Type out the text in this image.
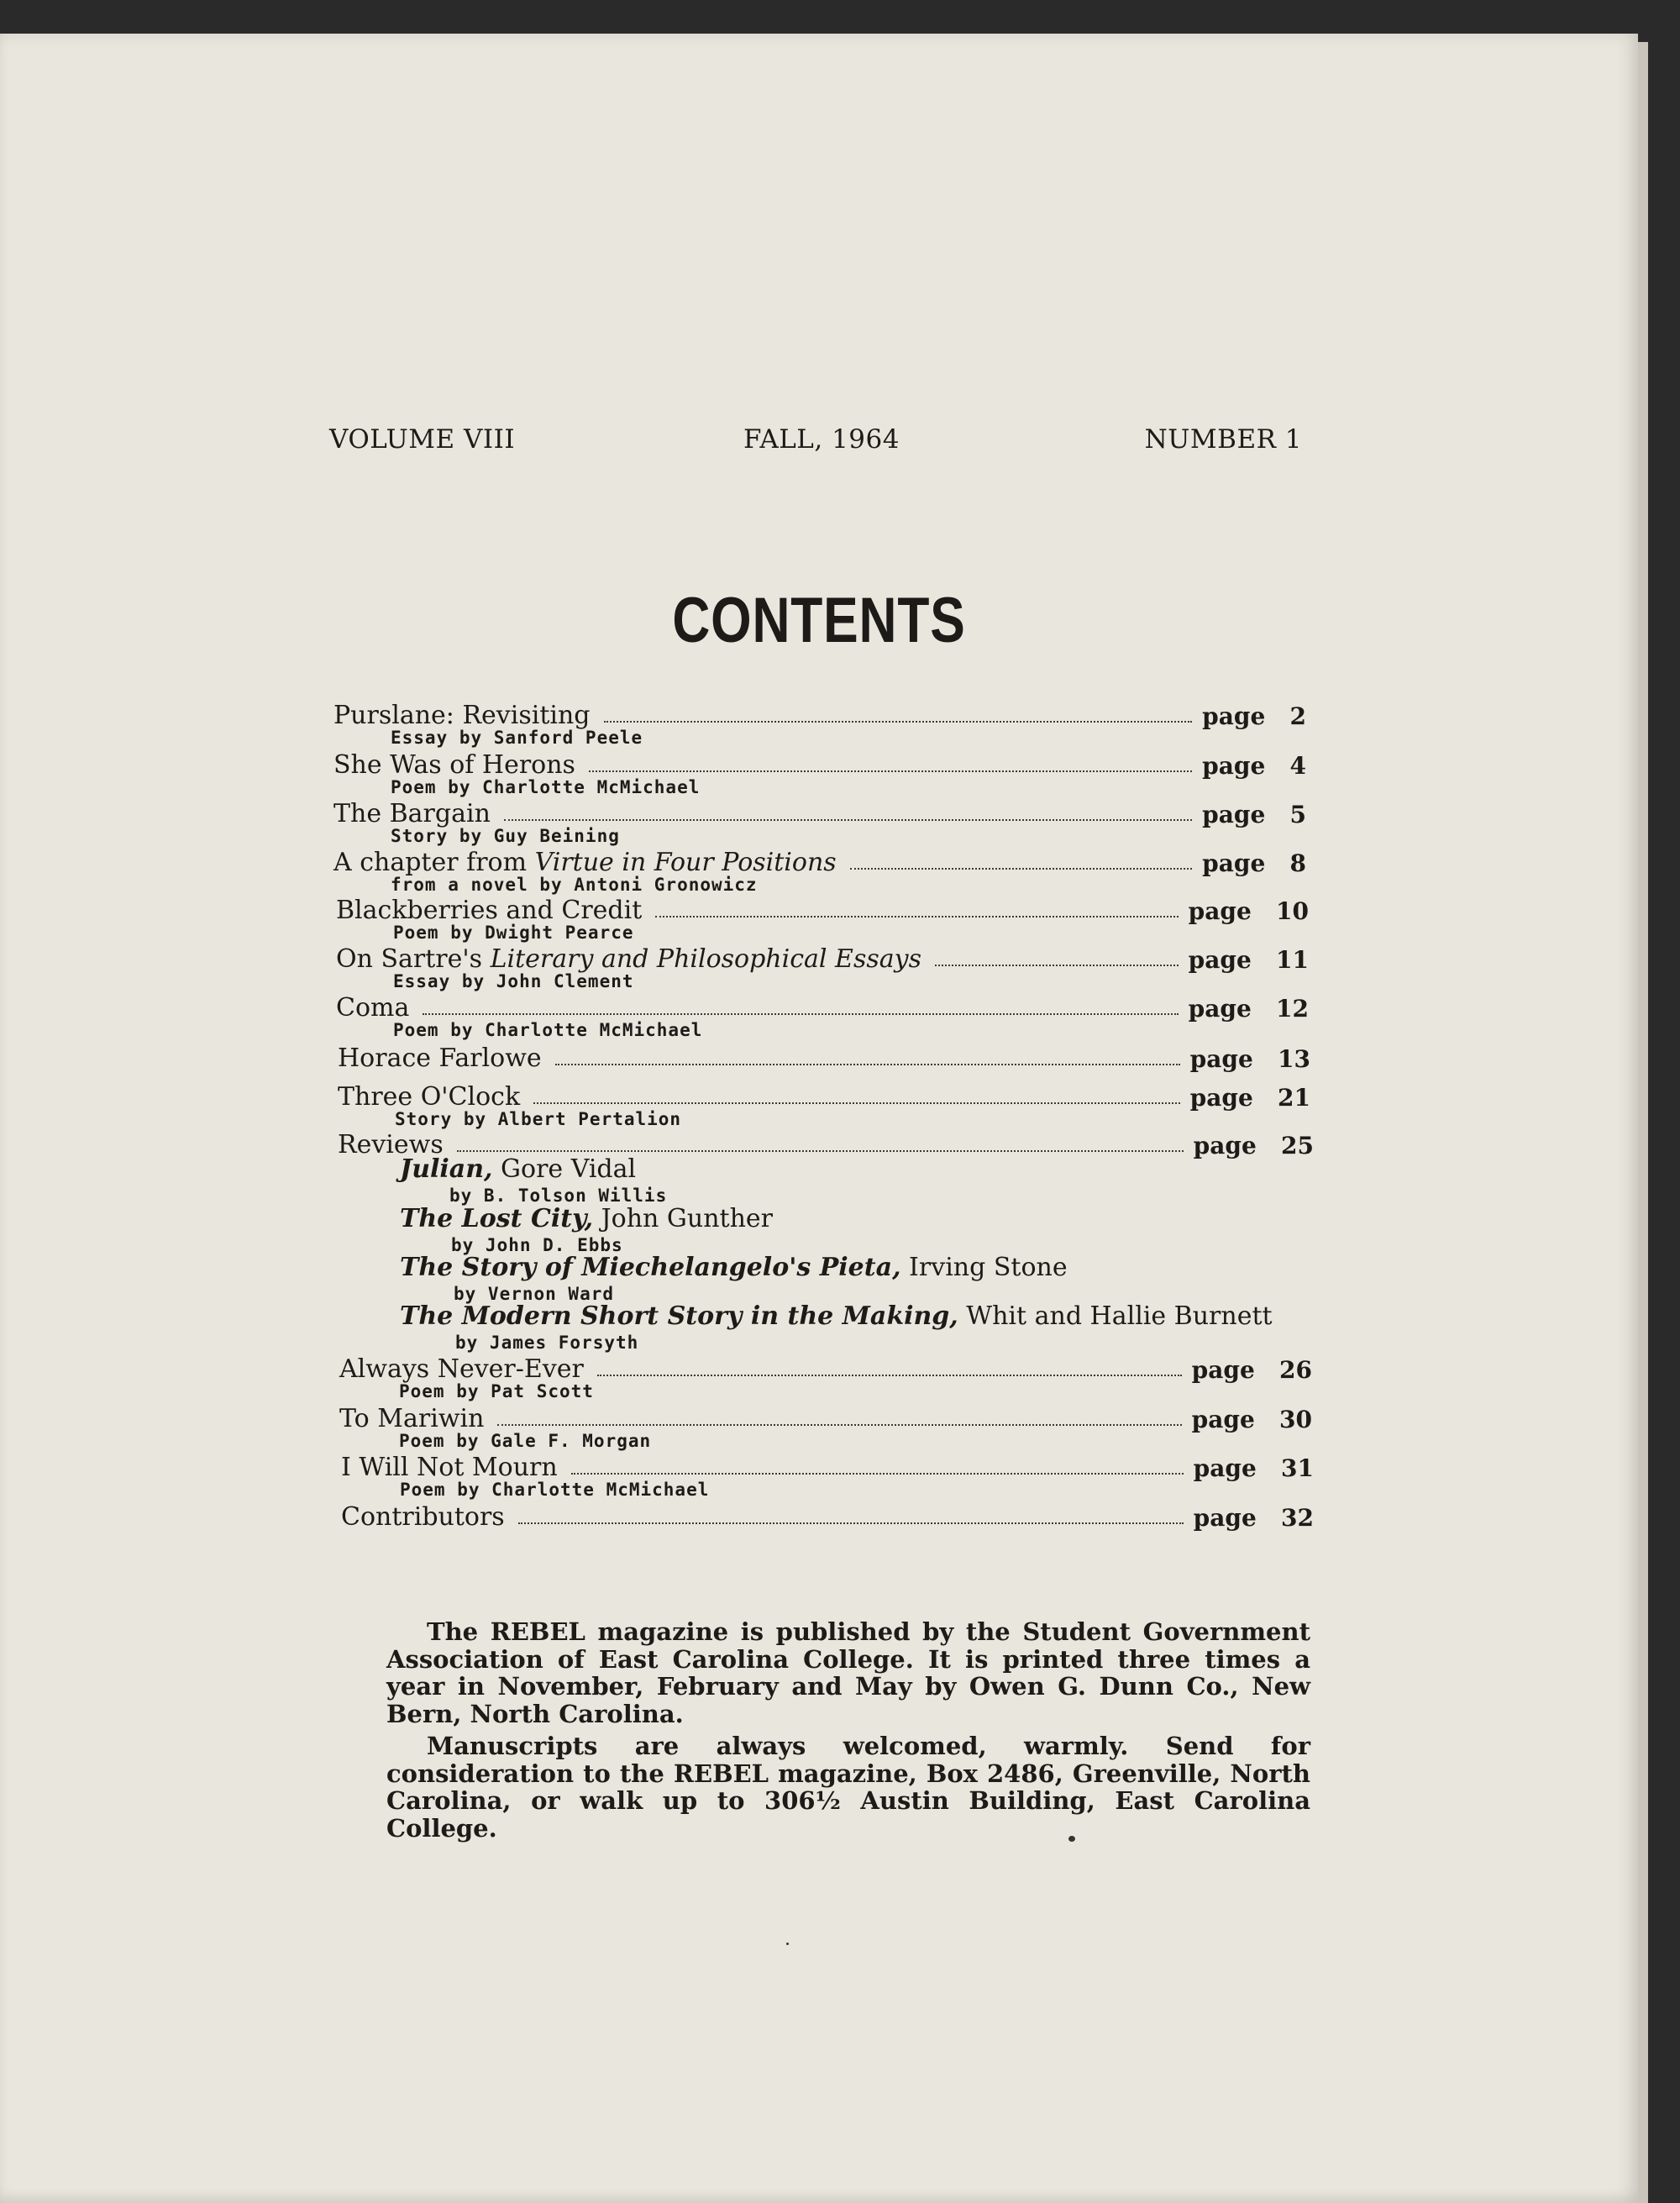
VOLUME VIII	FALL, 1964	NUMBER 1
CONTENTS
Purslane: Revisiting	page 2
Essay by Sanford Peele
She Was of Herons	page 4
Poem by Charlotte McMichael
The Bargain	page 5
Story by Guy Beining
A chapter from Virtue in Four Positions	page 8
from a novel by Antoni Gronowicz
Blackberries and Credit	page 10
Poem by Dwight Pearce
On Sartre's Literary and Philosophical Essays	page 11
Essay by John Clement
Coma	page 12
Poem by Charlotte McMichael
Horace Farlowe	page 13
Three O'Clock	page 21
Story by Albert Pertalion
Reviews	page 25
Julian, Gore Vidal
by B. Tolson Willis
The Lost City, John Gunther
by John D. Ebbs
The Story of Miechelangelo's Pieta, Irving Stone
by Vernon Ward
The Modern Short Story in the Making, Whit and Hallie Burnett
by James Forsyth
Always Never-Ever	page 26
Poem by Pat Scott
To Mariwin	page 30
Poem by Gale F. Morgan
I Will Not Mourn	page 31
Poem by Charlotte McMichael
Contributors	page 32

The REBEL magazine is published by the Student Government Association of East Carolina College. It is printed three times a year in November, February and May by Owen G. Dunn Co., New Bern, North Carolina.

Manuscripts are always welcomed, warmly. Send for consideration to the REBEL magazine, Box 2486, Greenville, North Carolina, or walk up to 306½ Austin Building, East Carolina College.
